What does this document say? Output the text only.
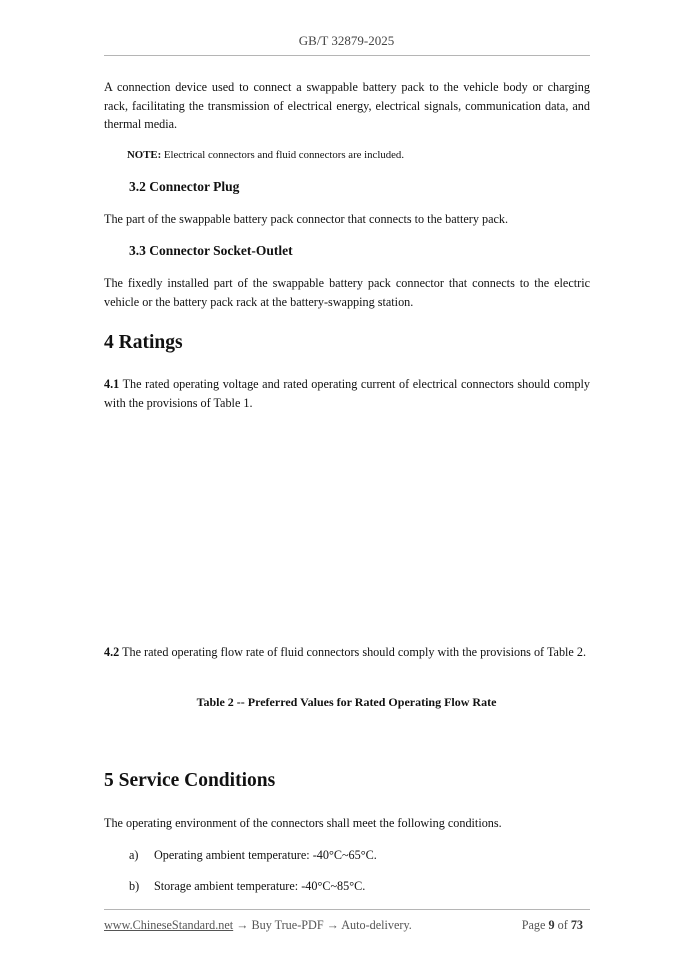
GB/T 32879-2025
A connection device used to connect a swappable battery pack to the vehicle body or charging rack, facilitating the transmission of electrical energy, electrical signals, communication data, and thermal media.
NOTE: Electrical connectors and fluid connectors are included.
3.2 Connector Plug
The part of the swappable battery pack connector that connects to the battery pack.
3.3 Connector Socket-Outlet
The fixedly installed part of the swappable battery pack connector that connects to the electric vehicle or the battery pack rack at the battery-swapping station.
4 Ratings
4.1 The rated operating voltage and rated operating current of electrical connectors should comply with the provisions of Table 1.
4.2 The rated operating flow rate of fluid connectors should comply with the provisions of Table 2.
Table 2 -- Preferred Values for Rated Operating Flow Rate
5 Service Conditions
The operating environment of the connectors shall meet the following conditions.
a) Operating ambient temperature: -40°C~65°C.
b) Storage ambient temperature: -40°C~85°C.
www.ChineseStandard.net → Buy True-PDF → Auto-delivery.	Page 9 of 73
